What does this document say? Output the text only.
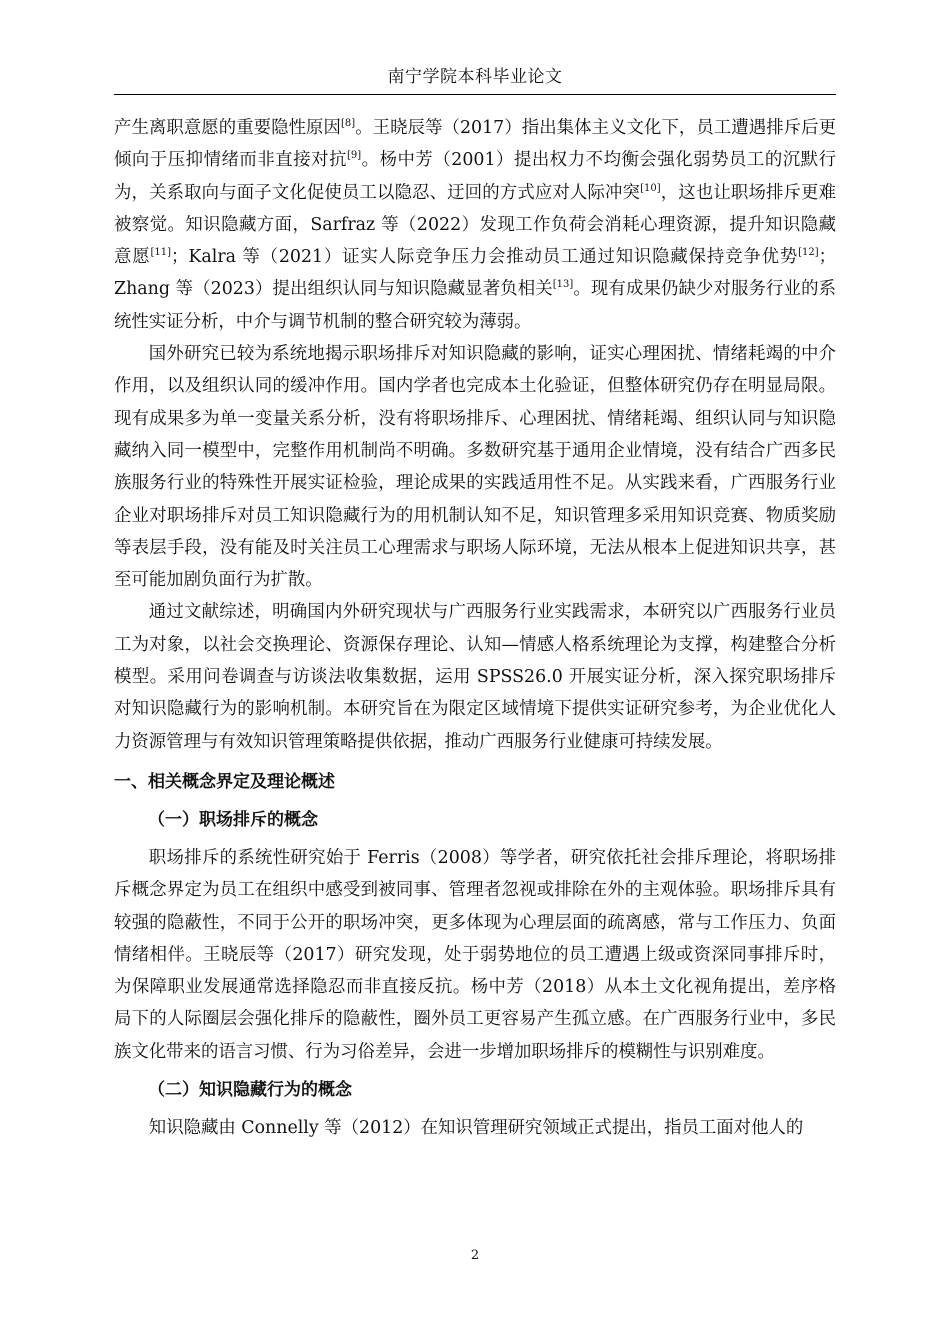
南宁学院本科毕业论文

产生离职意愿的重要隐性原因[8]。王晓辰等（2017）指出集体主义文化下，员工遭遇排斥后更倾向于压抑情绪而非直接对抗[9]。杨中芳（2001）提出权力不均衡会强化弱势员工的沉默行为，关系取向与面子文化促使员工以隐忍、迂回的方式应对人际冲突[10]，这也让职场排斥更难被察觉。知识隐藏方面，Sarfraz 等（2022）发现工作负荷会消耗心理资源，提升知识隐藏意愿[11]；Kalra 等（2021）证实人际竞争压力会推动员工通过知识隐藏保持竞争优势[12]；Zhang 等（2023）提出组织认同与知识隐藏显著负相关[13]。现有成果仍缺少对服务行业的系统性实证分析，中介与调节机制的整合研究较为薄弱。

国外研究已较为系统地揭示职场排斥对知识隐藏的影响，证实心理困扰、情绪耗竭的中介作用，以及组织认同的缓冲作用。国内学者也完成本土化验证，但整体研究仍存在明显局限。现有成果多为单一变量关系分析，没有将职场排斥、心理困扰、情绪耗竭、组织认同与知识隐藏纳入同一模型中，完整作用机制尚不明确。多数研究基于通用企业情境，没有结合广西多民族服务行业的特殊性开展实证检验，理论成果的实践适用性不足。从实践来看，广西服务行业企业对职场排斥对员工知识隐藏行为的用机制认知不足，知识管理多采用知识竞赛、物质奖励等表层手段，没有能及时关注员工心理需求与职场人际环境，无法从根本上促进知识共享，甚至可能加剧负面行为扩散。

通过文献综述，明确国内外研究现状与广西服务行业实践需求，本研究以广西服务行业员工为对象，以社会交换理论、资源保存理论、认知—情感人格系统理论为支撑，构建整合分析模型。采用问卷调查与访谈法收集数据，运用 SPSS26.0 开展实证分析，深入探究职场排斥对知识隐藏行为的影响机制。本研究旨在为限定区域情境下提供实证研究参考，为企业优化人力资源管理与有效知识管理策略提供依据，推动广西服务行业健康可持续发展。

一、相关概念界定及理论概述
（一）职场排斥的概念

职场排斥的系统性研究始于 Ferris（2008）等学者，研究依托社会排斥理论，将职场排斥概念界定为员工在组织中感受到被同事、管理者忽视或排除在外的主观体验。职场排斥具有较强的隐蔽性，不同于公开的职场冲突，更多体现为心理层面的疏离感，常与工作压力、负面情绪相伴。王晓辰等（2017）研究发现，处于弱势地位的员工遭遇上级或资深同事排斥时，为保障职业发展通常选择隐忍而非直接反抗。杨中芳（2018）从本土文化视角提出，差序格局下的人际圈层会强化排斥的隐蔽性，圈外员工更容易产生孤立感。在广西服务行业中，多民族文化带来的语言习惯、行为习俗差异，会进一步增加职场排斥的模糊性与识别难度。

（二）知识隐藏行为的概念

知识隐藏由 Connelly 等（2012）在知识管理研究领域正式提出，指员工面对他人的

2
